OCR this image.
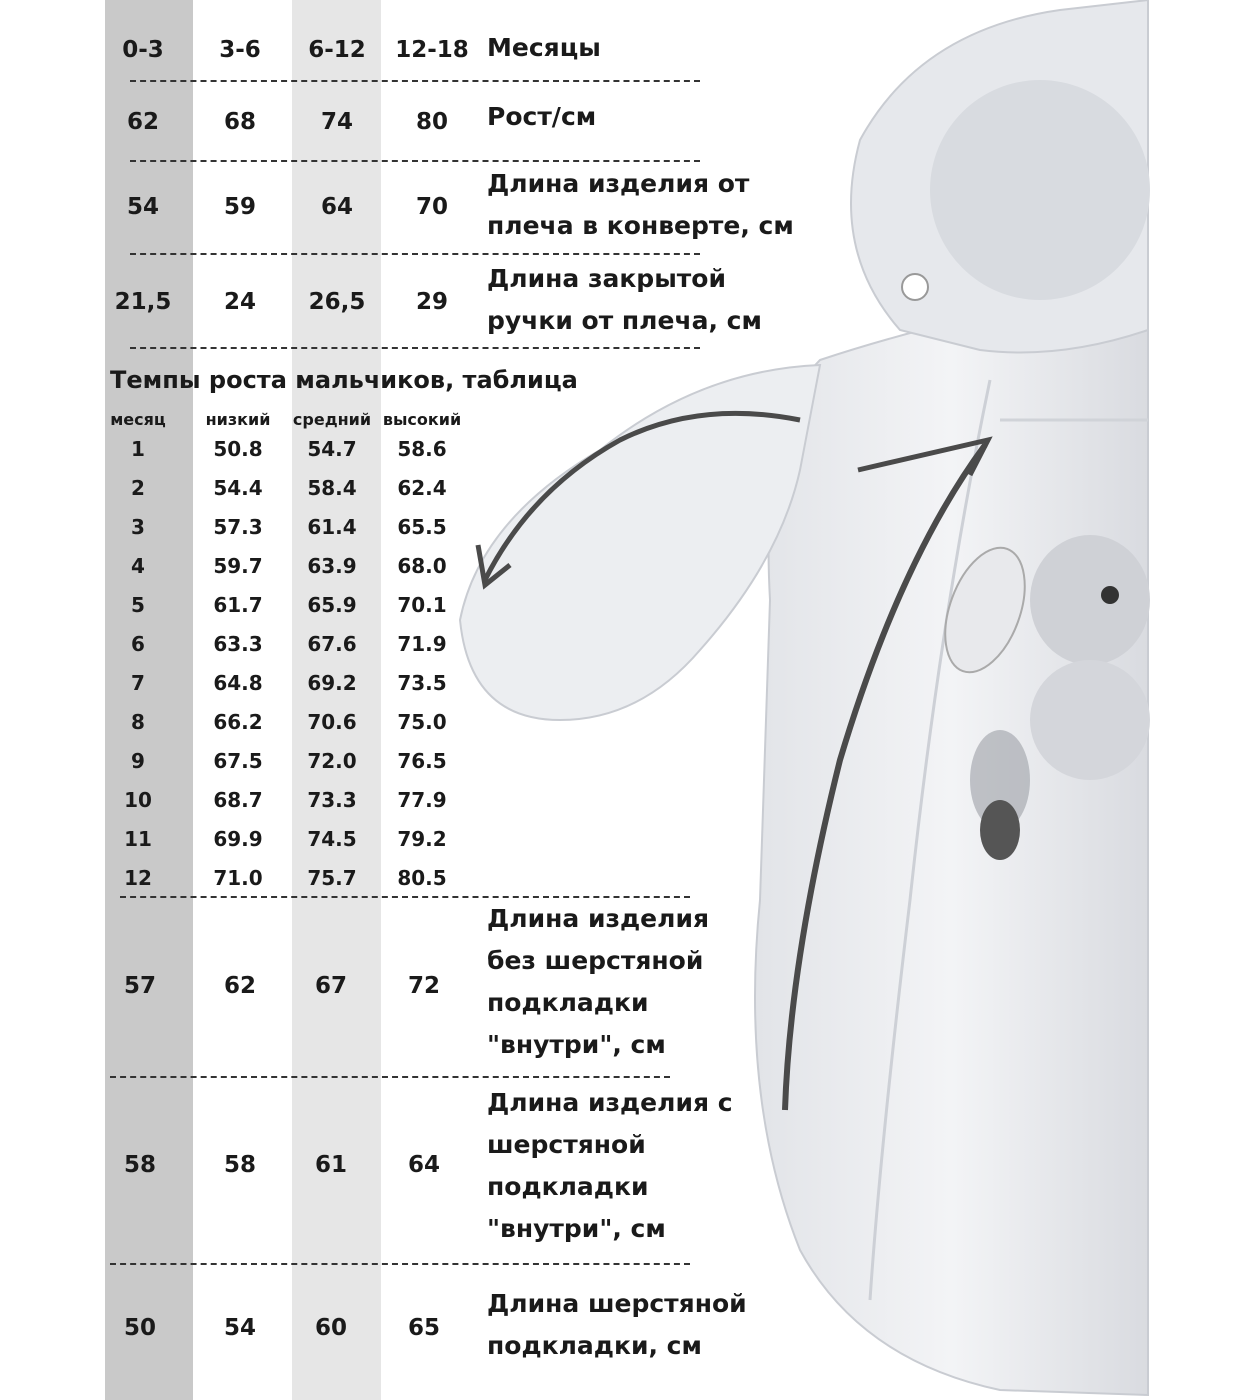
0-3 3-6 6-12 12-18 Месяцы
62	68	74	80 Рост/см
54	59	64	70
Длина изделия от
плеча в конверте, см
21,5 24 26,5 29
Длина закрытой
ручки от плеча, см
Темпы роста мальчиков, таблица
месяц низкий средний высокий
1	50.8 54.7 58.6
2	54.4 58.4 62.4
3	57.3 61.4 65.5
4	59.7 63.9 68.0
5	61.7 65.9 70.1
6	63.3 67.6 71.9
7	64.8 69.2 73.5
8	66.2 70.6 75.0
9	67.5 72.0 76.5
10	68.7 73.3 77.9
11	69.9 74.5 79.2
12	71.0 75.7 80.5
57	62	67	72
Длина изделия
без шерстяной
подкладки
"внутри", см
58	58	61	64
Длина изделия с
шерстяной
подкладки
"внутри", см
50	54	60	65
Длина шерстяной
подкладки, см
